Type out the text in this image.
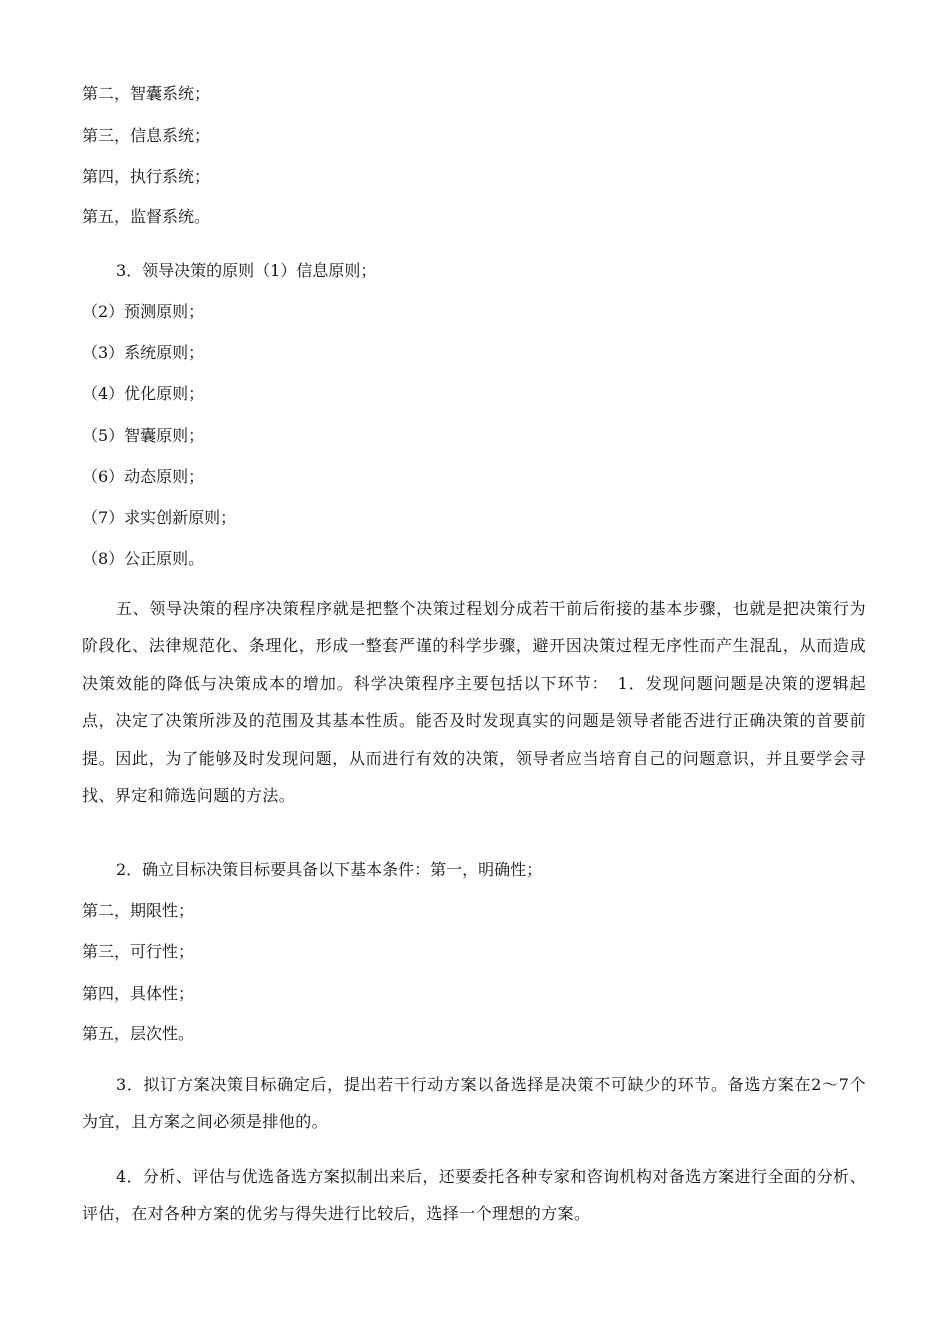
第二，智囊系统；
第三，信息系统；
第四，执行系统；
第五，监督系统。
3．领导决策的原则（1）信息原则；
（2）预测原则；
（3）系统原则；
（4）优化原则；
（5）智囊原则；
（6）动态原则；
（7）求实创新原则；
（8）公正原则。
五、领导决策的程序决策程序就是把整个决策过程划分成若干前后衔接的基本步骤，也就是把决策行为阶段化、法律规范化、条理化，形成一整套严谨的科学步骤，避开因决策过程无序性而产生混乱，从而造成决策效能的降低与决策成本的增加。科学决策程序主要包括以下环节：　1．发现问题问题是决策的逻辑起点，决定了决策所涉及的范围及其基本性质。能否及时发现真实的问题是领导者能否进行正确决策的首要前提。因此，为了能够及时发现问题，从而进行有效的决策，领导者应当培育自己的问题意识，并且要学会寻找、界定和筛选问题的方法。
2．确立目标决策目标要具备以下基本条件：第一，明确性；
第二，期限性；
第三，可行性；
第四，具体性；
第五，层次性。
3．拟订方案决策目标确定后，提出若干行动方案以备选择是决策不可缺少的环节。备选方案在2～7个为宜，且方案之间必须是排他的。
4．分析、评估与优选备选方案拟制出来后，还要委托各种专家和咨询机构对备选方案进行全面的分析、评估，在对各种方案的优劣与得失进行比较后，选择一个理想的方案。
